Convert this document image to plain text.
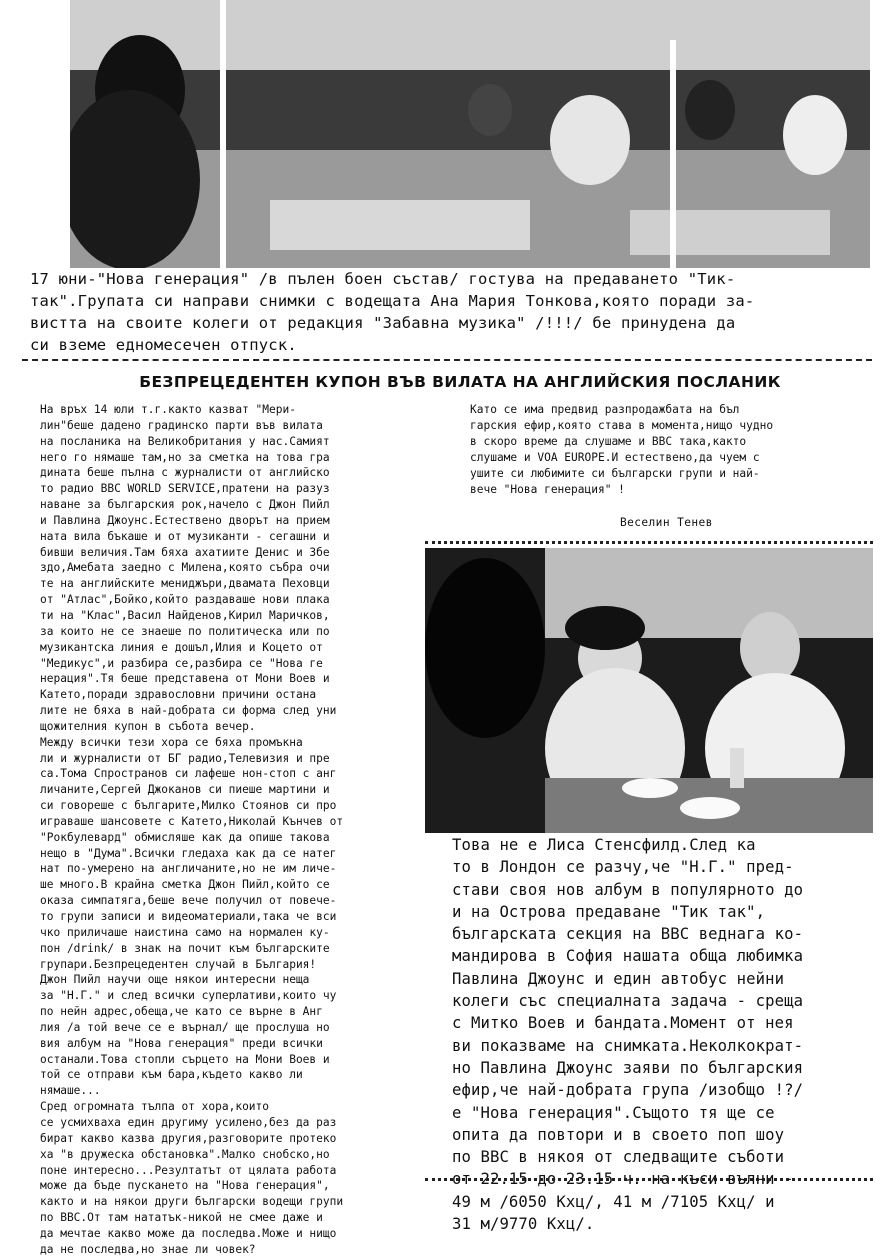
17 юни-"Нова генерация" /в пълен боен състав/ гостува на предаването "Тик-
так".Групата си направи снимки с водещата Ана Мария Тонкова,която поради за-
вистта на своите колеги от редакция "Забавна музика" /!!!/ бе принудена да
си вземе едномесечен отпуск.
БЕЗПРЕЦЕДЕНТЕН КУПОН ВЪВ ВИЛАТА НА АНГЛИЙСКИЯ ПОСЛАНИК
На връх 14 юли т.г.както казват "Мери-
лин"беше дадено градинско парти във вилата
на посланика на Великобритания у нас.Самият
него го нямаше там,но за сметка на това гра
дината беше пълна с журналисти от английско
то радио BBC WORLD SERVICE,пратени на разуз
наване за българския рок,начело с Джон Пийл
и Павлина Джоунс.Естествено дворът на прием
ната вила бъкаше и от музиканти - сегашни и
бивши величия.Там бяха ахатиите Денис и Збе
здо,Амебата заедно с Милена,която събра очи
те на английските мениджъри,двамата Пеховци
от "Атлас",Бойко,който раздаваше нови плака
ти на "Клас",Васил Найденов,Кирил Маричков,
за които не се знаеше по политическа или по
музикантска линия е дошъл,Илия и Коцето от
"Медикус",и разбира се,разбира се "Нова ге
нерация".Тя беше представена от Мони Воев и
Катето,поради здравословни причини остана
лите не бяха в най-добрата си форма след уни
щожителния купон в събота вечер.
Между всички тези хора се бяха промъкна
ли и журналисти от БГ радио,Телевизия и пре
са.Тома Спространов си лафеше нон-стоп с анг
личаните,Сергей Джоканов си пиеше мартини и
си говореше с българите,Милко Стоянов си про
играваше шансовете с Катето,Николай Кънчев от
"Рокбулевард" обмисляше как да опише такова
нещо в "Дума".Всички гледаха как да се натег
нат по-умерено на англичаните,но не им личе-
ше много.В крайна сметка Джон Пийл,който се
оказа симпатяга,беше вече получил от повече-
то групи записи и видеоматериали,така че вси
чко приличаше наистина само на нормален ку-
пон /drink/ в знак на почит към българските
групари.Безпрецедентен случай в България!
Джон Пийл научи още някои интересни неща
за "Н.Г." и след всички суперлативи,които чу
по нейн адрес,обеща,че като се върне в Анг
лия /а той вече се е върнал/ ще прослуша но
вия албум на "Нова генерация" преди всички
останали.Това стопли сърцето на Мони Воев и
той се отправи към бара,където какво ли
нямаше...
Сред огромната тълпа от хора,които
се усмихваха един другиму усилено,без да раз
бират какво казва другия,разговорите протеко
ха "в дружеска обстановка".Малко снобско,но
поне интересно...Резултатът от цялата работа
може да бъде пускането на "Нова генерация",
както и на някои други български водещи групи
по BBC.От там нататък-никой не смее даже и
да мечтае какво може да последва.Може и нищо
да не последва,но знае ли човек?
Като се има предвид разпродажбата на бъл
гарския ефир,която става в момента,нищо чудно
в скоро време да слушаме и BBC така,както
слушаме и VOA EUROPE.И естествено,да чуем с
ушите си любимите си български групи и най-
вече "Нова генерация" !
Веселин Тенев
Това не е Лиса Стенсфилд.След ка
то в Лондон се разчу,че "Н.Г." пред-
стави своя нов албум в популярното до
и на Острова предаване "Тик так",
българската секция на BBC веднага ко-
мандирова в София нашата обща любимка
Павлина Джоунс и един автобус нейни
колеги със специалната задача - среща
с Митко Воев и бандата.Момент от нея
ви показваме на снимката.Неколкократ-
но Павлина Джоунс заяви по българския
ефир,че най-добрата група /изобщо !?/
е "Нова генерация".Същото тя ще се
опита да повтори и в своето поп шоу
по BBC в някоя от следващите съботи
от 22.15 до 23.15 ч. на къси вълни -
49 м /6050 Кхц/, 41 м /7105 Кхц/ и
31 м/9770 Кхц/.
